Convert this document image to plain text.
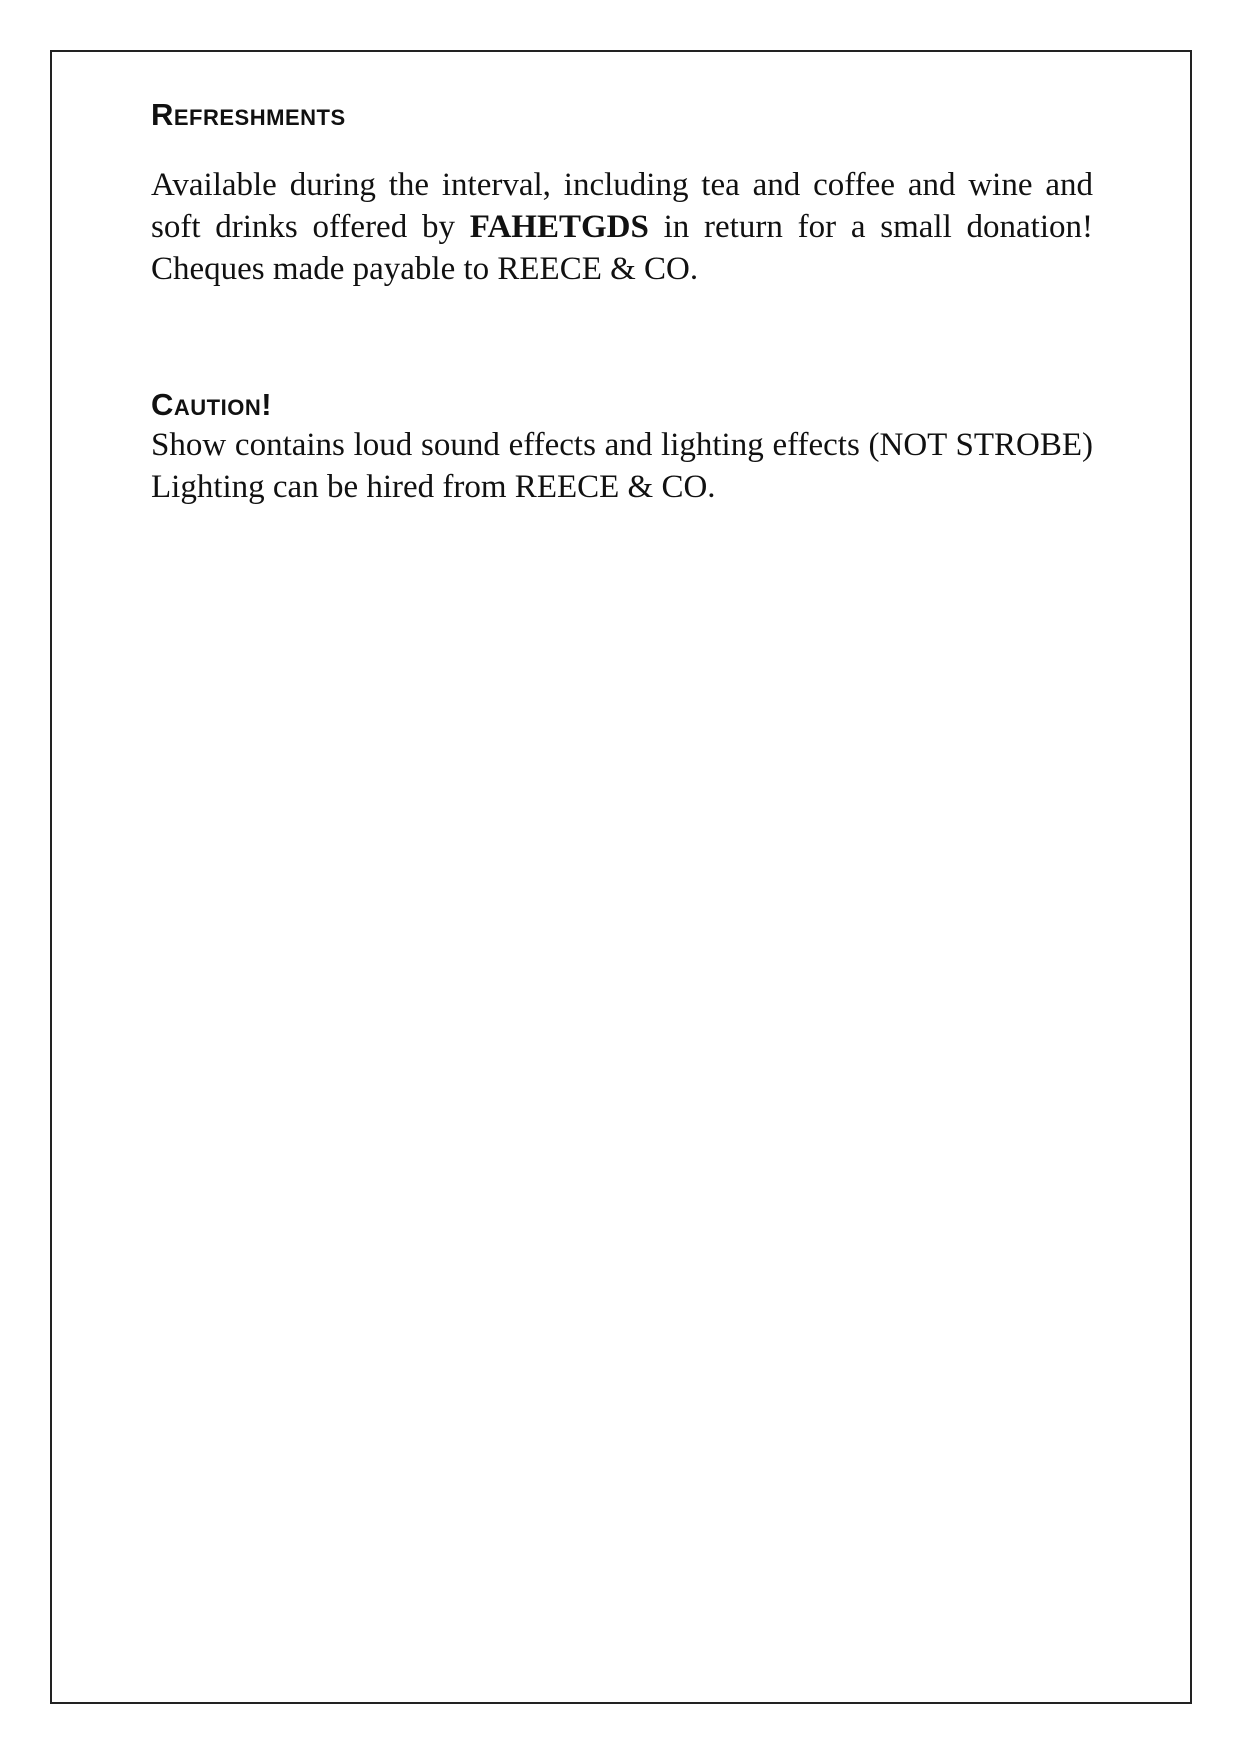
Refreshments

Available during the interval, including tea and coffee and wine and soft drinks offered by FAHETGDS in return for a small donation! Cheques made payable to REECE & CO.

Caution!

Show contains loud sound effects and lighting effects (NOT STROBE) Lighting can be hired from REECE & CO.
